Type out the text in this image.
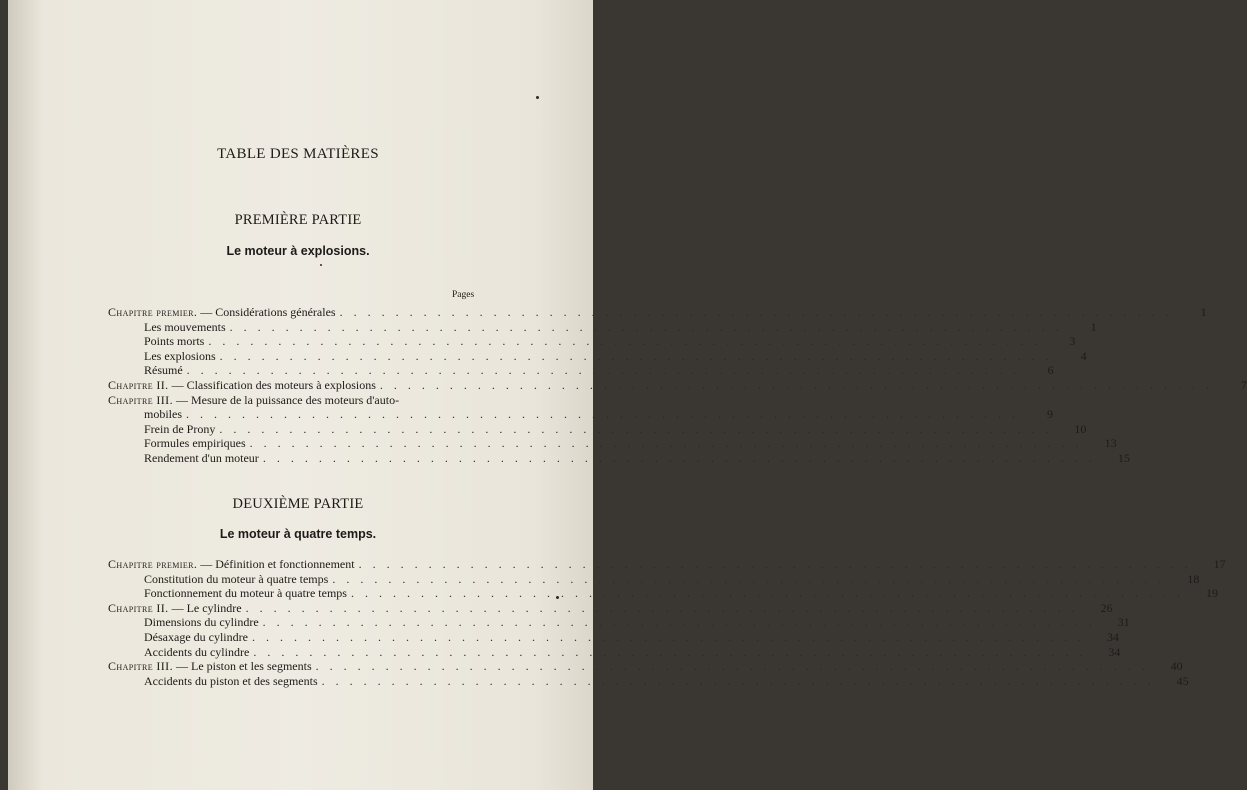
TABLE DES MATIÈRES
PREMIÈRE PARTIE
Le moteur à explosions.
Pages
Chapitre premier. — Considérations générales . . . . . . . . . . . . . . . . . . . . . . . . . . . . . . . . . . . . . . . . . . . . . . . . . . . . . . . . . . . .	1
Les mouvements . . . . . . . . . . . . . . . . . . . . . . . . . . . . . . . . . . . . . . . . . . . . . . . . . . . . . . . . . . . .	1
Points morts . . . . . . . . . . . . . . . . . . . . . . . . . . . . . . . . . . . . . . . . . . . . . . . . . . . . . . . . . . . .	3
Les explosions . . . . . . . . . . . . . . . . . . . . . . . . . . . . . . . . . . . . . . . . . . . . . . . . . . . . . . . . . . . .	4
Résumé . . . . . . . . . . . . . . . . . . . . . . . . . . . . . . . . . . . . . . . . . . . . . . . . . . . . . . . . . . . .	6
Chapitre II. — Classification des moteurs à explosions . . . . . . . . . . . . . . . . . . . . . . . . . . . . . . . . . . . . . . . . . . . . . . . . . . . . . . . . . . . .	7
Chapitre III. — Mesure de la puissance des moteurs d'auto-
mobiles . . . . . . . . . . . . . . . . . . . . . . . . . . . . . . . . . . . . . . . . . . . . . . . . . . . . . . . . . . . .	9
Frein de Prony . . . . . . . . . . . . . . . . . . . . . . . . . . . . . . . . . . . . . . . . . . . . . . . . . . . . . . . . . . . .	10
Formules empiriques . . . . . . . . . . . . . . . . . . . . . . . . . . . . . . . . . . . . . . . . . . . . . . . . . . . . . . . . . . . .	13
Rendement d'un moteur . . . . . . . . . . . . . . . . . . . . . . . . . . . . . . . . . . . . . . . . . . . . . . . . . . . . . . . . . . . .	15
DEUXIÈME PARTIE
Le moteur à quatre temps.
Chapitre premier. — Définition et fonctionnement . . . . . . . . . . . . . . . . . . . . . . . . . . . . . . . . . . . . . . . . . . . . . . . . . . . . . . . . . . . .	17
Constitution du moteur à quatre temps . . . . . . . . . . . . . . . . . . . . . . . . . . . . . . . . . . . . . . . . . . . . . . . . . . . . . . . . . . . .	18
Fonctionnement du moteur à quatre temps . . . . . . . . . . . . . . . . . . . . . . . . . . . . . . . . . . . . . . . . . . . . . . . . . . . . . . . . . . . .	19
Chapitre II. — Le cylindre . . . . . . . . . . . . . . . . . . . . . . . . . . . . . . . . . . . . . . . . . . . . . . . . . . . . . . . . . . . .	26
Dimensions du cylindre . . . . . . . . . . . . . . . . . . . . . . . . . . . . . . . . . . . . . . . . . . . . . . . . . . . . . . . . . . . .	31
Désaxage du cylindre . . . . . . . . . . . . . . . . . . . . . . . . . . . . . . . . . . . . . . . . . . . . . . . . . . . . . . . . . . . .	34
Accidents du cylindre . . . . . . . . . . . . . . . . . . . . . . . . . . . . . . . . . . . . . . . . . . . . . . . . . . . . . . . . . . . .	34
Chapitre III. — Le piston et les segments . . . . . . . . . . . . . . . . . . . . . . . . . . . . . . . . . . . . . . . . . . . . . . . . . . . . . . . . . . . .	40
Accidents du piston et des segments . . . . . . . . . . . . . . . . . . . . . . . . . . . . . . . . . . . . . . . . . . . . . . . . . . . . . . . . . . . .	45
